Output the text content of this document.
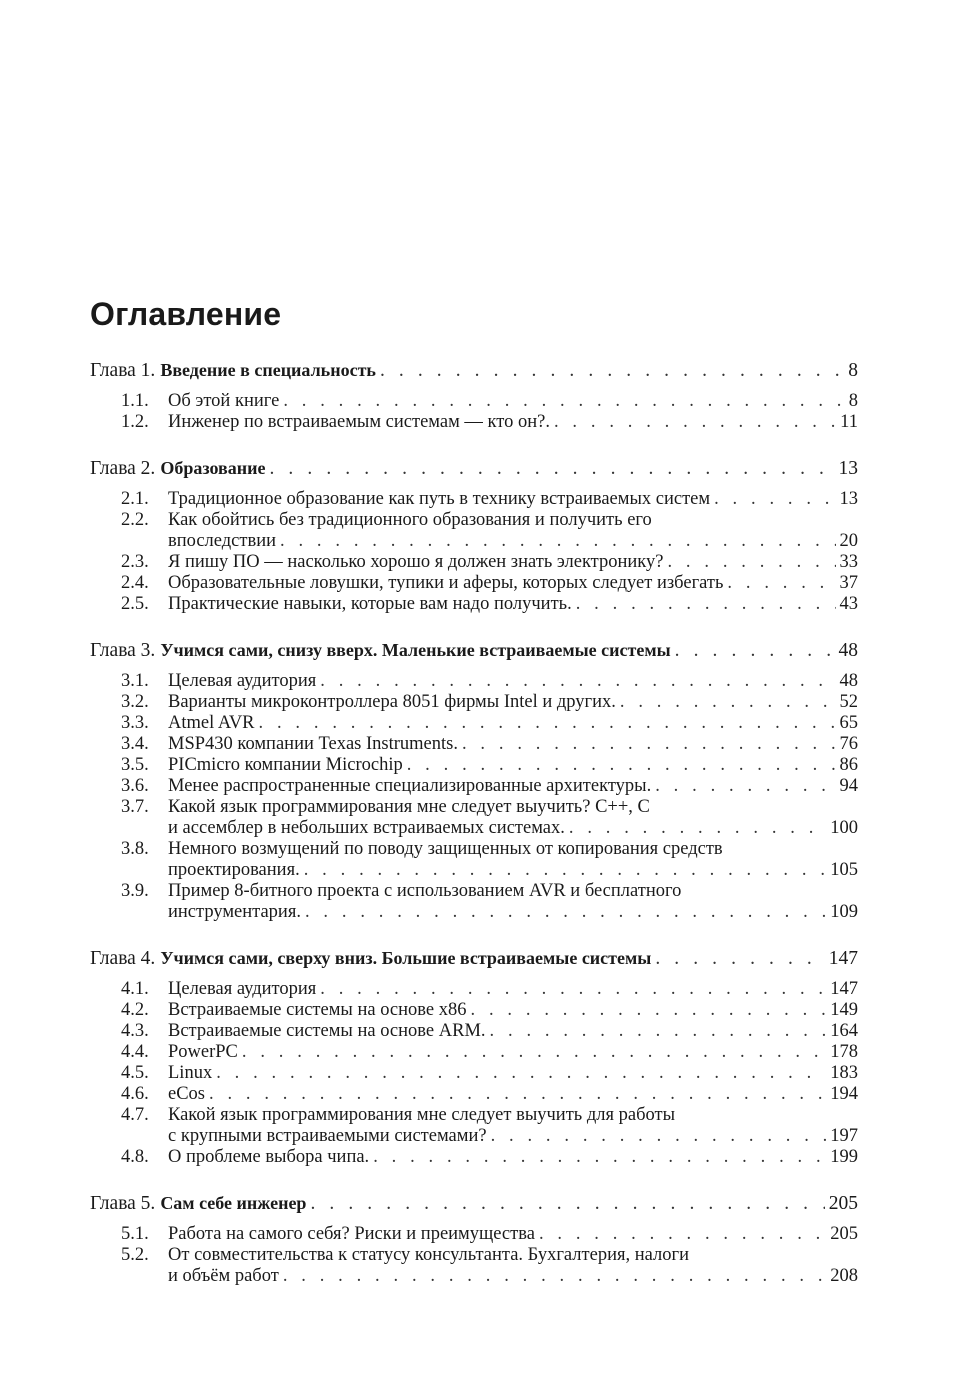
Оглавление
Глава 1. Введение в специальность . . .	8
1.1.	Об этой книге . . .	8
1.2.	Инженер по встраиваемым системам — кто он?. . . .	11
Глава 2. Образование . . .	13
2.1.	Традиционное образование как путь в технику встраиваемых систем . . .	13
2.2.	Как обойтись без традиционного образования и получить его
впоследствии . . .	20
2.3.	Я пишу ПО — насколько хорошо я должен знать электронику? . . .	33
2.4.	Образовательные ловушки, тупики и аферы, которых следует избегать . . .	37
2.5.	Практические навыки, которые вам надо получить. . . .	43
Глава 3. Учимся сами, снизу вверх. Маленькие встраиваемые системы . . .	48
3.1.	Целевая аудитория . . .	48
3.2.	Варианты микроконтроллера 8051 фирмы Intel и других. . . .	52
3.3.	Atmel AVR . . .	65
3.4.	MSP430 компании Texas Instruments. . . .	76
3.5.	PICmicro компании Microchip . . .	86
3.6.	Менее распространенные специализированные архитектуры. . . .	94
3.7.	Какой язык программирования мне следует выучить? C++, C
и ассемблер в небольших встраиваемых системах. . . .	100
3.8.	Немного возмущений по поводу защищенных от копирования средств
проектирования. . . .	105
3.9.	Пример 8-битного проекта с использованием AVR и бесплатного
инструментария. . . .	109
Глава 4. Учимся сами, сверху вниз. Большие встраиваемые системы . . .	147
4.1.	Целевая аудитория . . .	147
4.2.	Встраиваемые системы на основе x86 . . .	149
4.3.	Встраиваемые системы на основе ARM. . . .	164
4.4.	PowerPC . . .	178
4.5.	Linux . . .	183
4.6.	eCos . . .	194
4.7.	Какой язык программирования мне следует выучить для работы
с крупными встраиваемыми системами? . . .	197
4.8.	О проблеме выбора чипа. . . .	199
Глава 5. Сам себе инженер . . .	205
5.1.	Работа на самого себя? Риски и преимущества . . .	205
5.2.	От совместительства к статусу консультанта. Бухгалтерия, налоги
и объём работ . . .	208
